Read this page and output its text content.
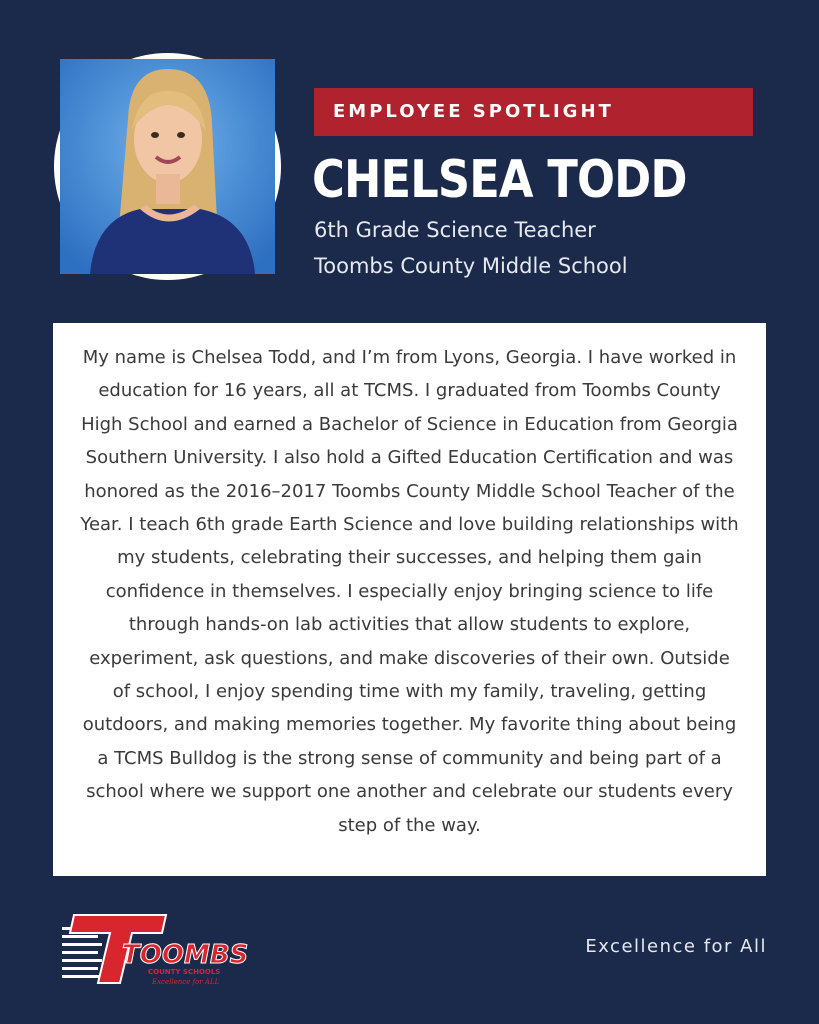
EMPLOYEE SPOTLIGHT
CHELSEA TODD
6th Grade Science Teacher
Toombs County Middle School

My name is Chelsea Todd, and I’m from Lyons, Georgia. I have worked in education for 16 years, all at TCMS. I graduated from Toombs County High School and earned a Bachelor of Science in Education from Georgia Southern University. I also hold a Gifted Education Certification and was honored as the 2016–2017 Toombs County Middle School Teacher of the Year. I teach 6th grade Earth Science and love building relationships with my students, celebrating their successes, and helping them gain confidence in themselves. I especially enjoy bringing science to life through hands-on lab activities that allow students to explore, experiment, ask questions, and make discoveries of their own. Outside of school, I enjoy spending time with my family, traveling, getting outdoors, and making memories together. My favorite thing about being a TCMS Bulldog is the strong sense of community and being part of a school where we support one another and celebrate our students every step of the way.

TOOMBS
COUNTY SCHOOLS
Excellence for ALL
Excellence for All
